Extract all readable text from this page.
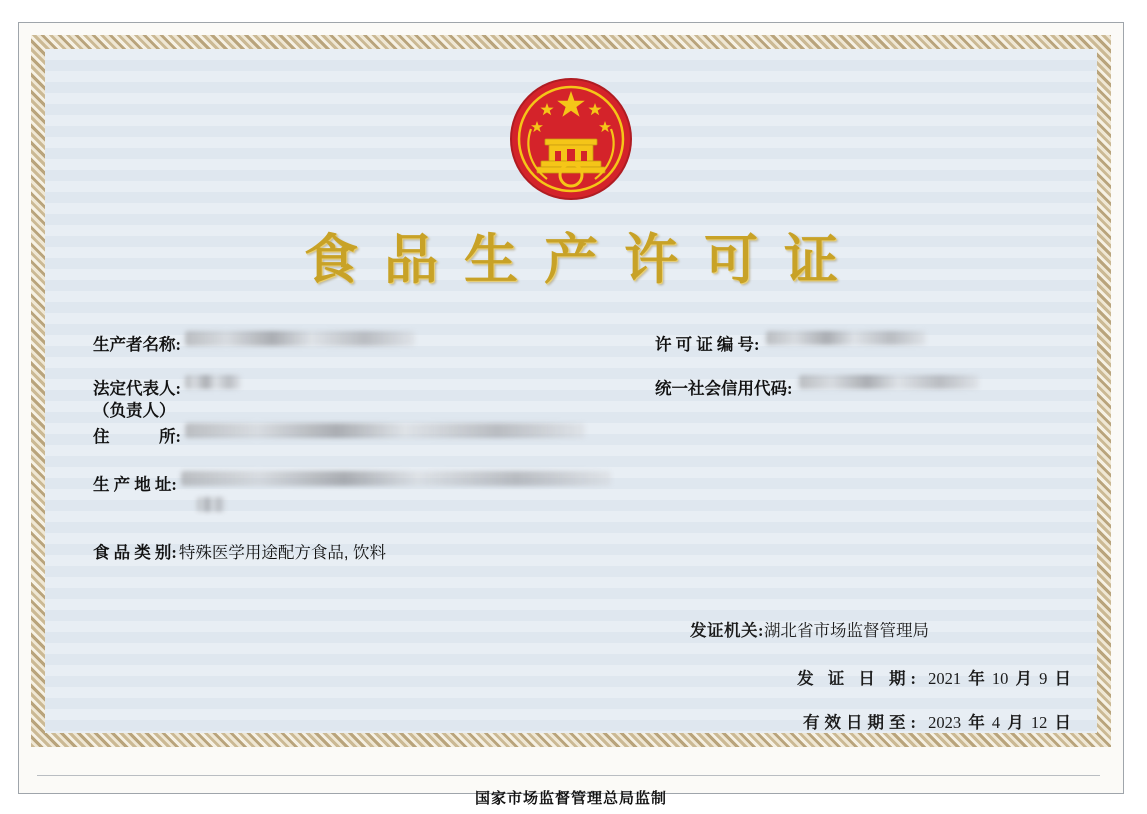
食品生产许可证
生产者名称:
法定代表人:
（负责人）
住　　　所:
生 产 地 址:
食 品 类 别: 特殊医学用途配方食品, 饮料
许 可 证 编 号:
统一社会信用代码:
发证机关:湖北省市场监督管理局
发 证 日 期: 2021 年 10 月 9 日
有效日期至: 2023 年 4 月 12 日
国家市场监督管理总局监制
